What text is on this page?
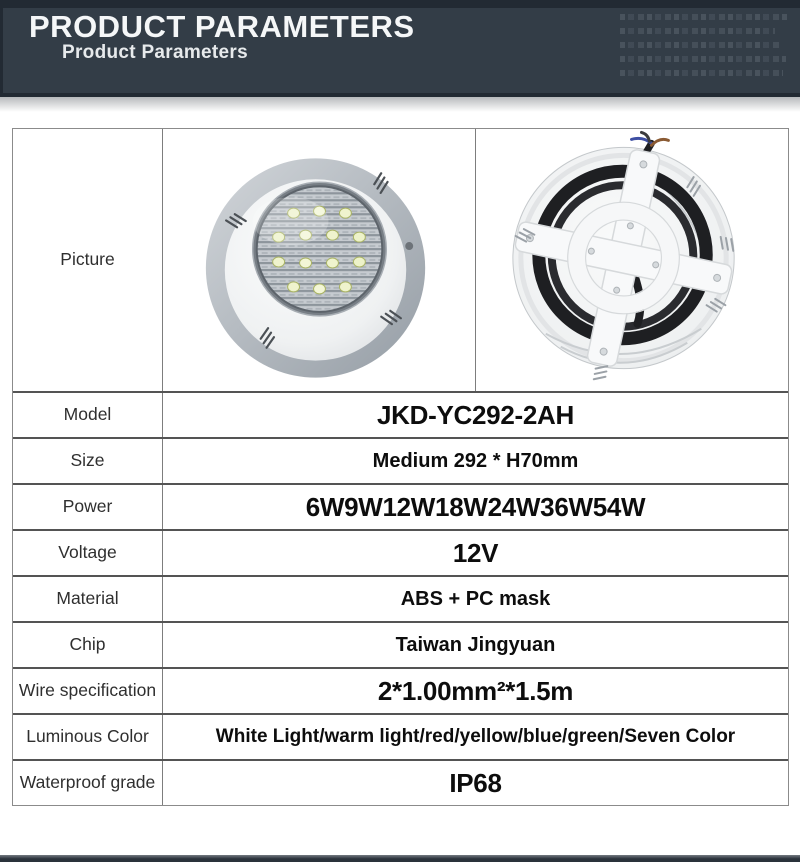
PRODUCT PARAMETERS
Product Parameters
Picture
Model	JKD-YC292-2AH
Size	Medium 292 * H70mm
Power	6W9W12W18W24W36W54W
Voltage	12V
Material	ABS + PC mask
Chip	Taiwan Jingyuan
Wire specification	2*1.00mm²*1.5m
Luminous Color	White Light/warm light/red/yellow/blue/green/Seven Color
Waterproof grade	IP68
